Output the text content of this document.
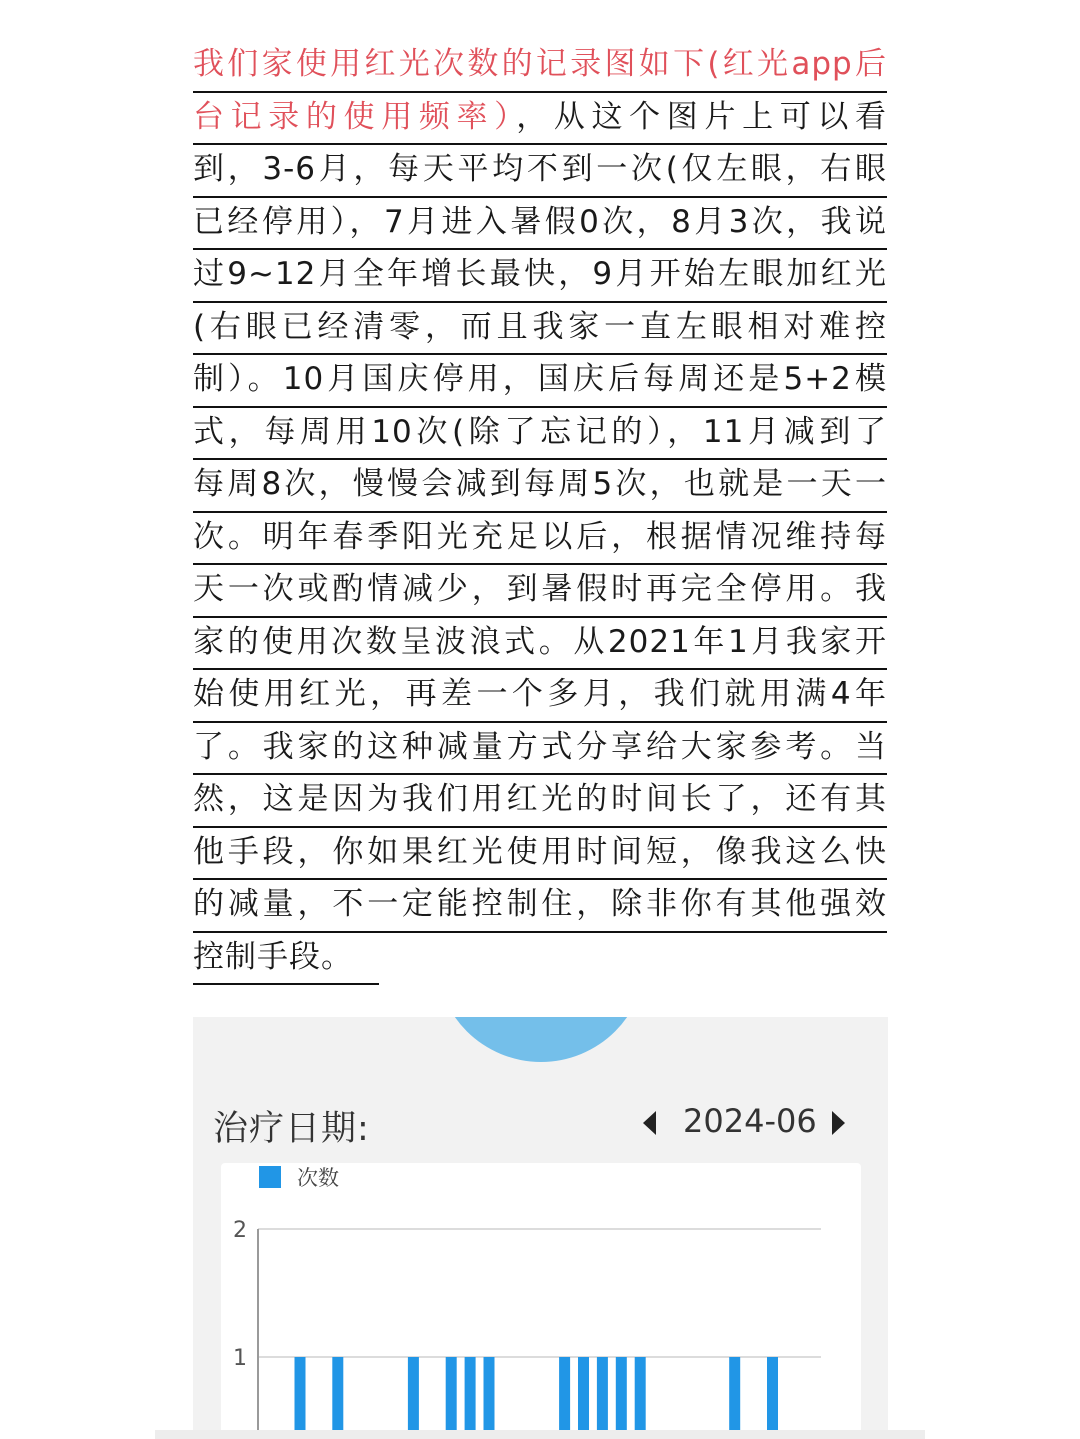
我们家使用红光次数的记录图如下(红光app后
台记录的使用频率），从这个图片上可以看
到，3-6月，每天平均不到一次(仅左眼，右眼
已经停用），7月进入暑假0次，8月3次，我说
过9~12月全年增长最快，9月开始左眼加红光
(右眼已经清零，而且我家一直左眼相对难控
制）。10月国庆停用，国庆后每周还是5+2模
式，每周用10次(除了忘记的），11月减到了
每周8次，慢慢会减到每周5次，也就是一天一
次。明年春季阳光充足以后，根据情况维持每
天一次或酌情减少，到暑假时再完全停用。我
家的使用次数呈波浪式。从2021年1月我家开
始使用红光，再差一个多月，我们就用满4年
了。我家的这种减量方式分享给大家参考。当
然，这是因为我们用红光的时间长了，还有其
他手段，你如果红光使用时间短，像我这么快
的减量，不一定能控制住，除非你有其他强效
控制手段。

治疗日期:	2024-06
次数
1
2
